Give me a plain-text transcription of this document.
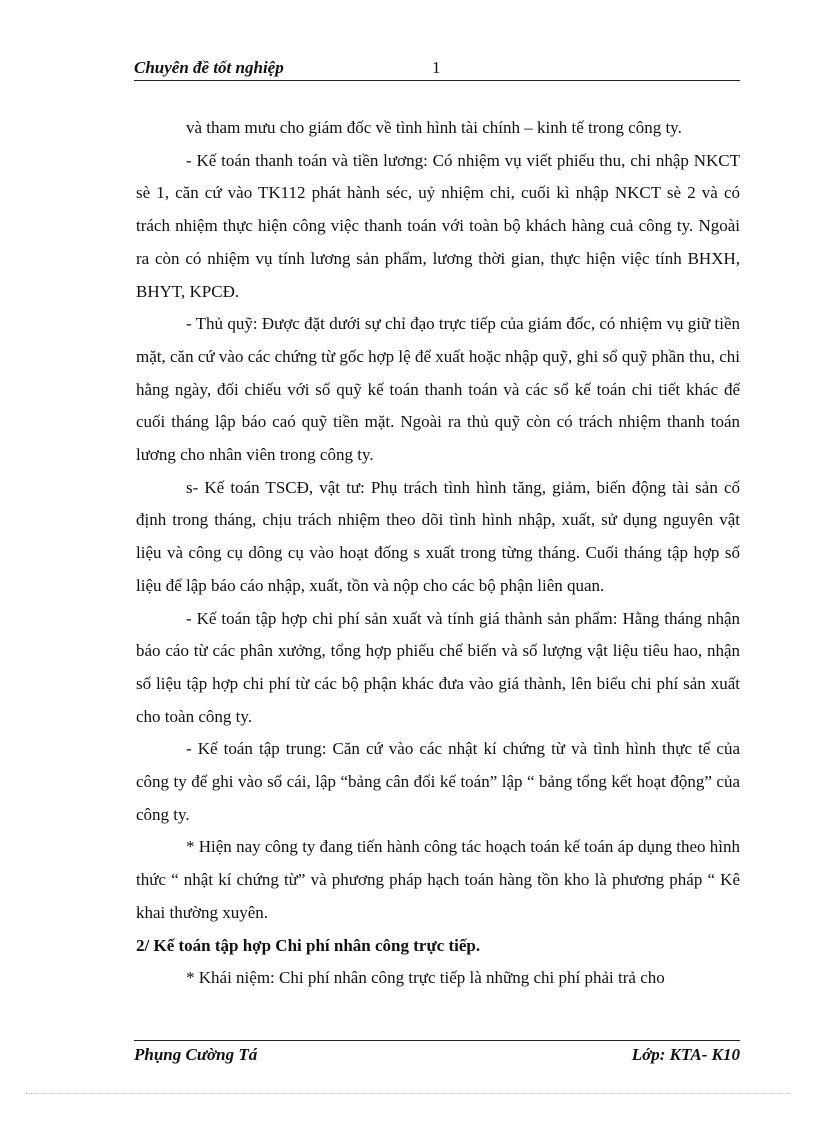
Chuyên đề tốt nghiệp	1

và tham mưu cho giám đốc về tình hình tài chính – kinh tế trong công ty.

- Kế toán thanh toán và tiền lương: Có nhiệm vụ viết phiếu thu, chi nhập NKCT sè 1, căn cứ vào TK112 phát hành séc, uỷ nhiệm chi, cuối kì nhập NKCT sè 2 và có trách nhiệm thực hiện công việc thanh toán với toàn bộ khách hàng cuả công ty. Ngoài ra còn có nhiệm vụ tính lương sản phẩm, lương thời gian, thực hiện việc tính BHXH, BHYT, KPCĐ.

- Thủ quỹ: Được đặt dưới sự chỉ đạo trực tiếp của giám đốc, có nhiệm vụ giữ tiền mặt, căn cứ vào các chứng từ gốc hợp lệ để xuất hoặc nhập quỹ, ghi sổ quỹ phần thu, chi hằng ngày, đối chiếu với sổ quỹ kế toán thanh toán và các sổ kế toán chi tiết khác để cuối tháng lập báo caó quỹ tiền mặt. Ngoài ra thủ quỹ còn có trách nhiệm thanh toán lương cho nhân viên trong công ty.

s- Kế toán TSCĐ, vật tư: Phụ trách tình hình tăng, giảm, biến động tài sản cố định trong tháng, chịu trách nhiệm theo dõi tình hình nhập, xuất, sử dụng nguyên vật liệu và công cụ dông cụ vào hoạt đống s xuất trong từng tháng. Cuối tháng tập hợp số liệu để lập báo cáo nhập, xuất, tồn và nộp cho các bộ phận liên quan.

- Kế toán tập hợp chi phí sản xuất và tính giá thành sản phẩm: Hằng tháng nhận báo cáo từ các phân xưởng, tổng hợp phiếu chế biến và số lượng vật liệu tiêu hao, nhận số liệu tập hợp chi phí từ các bộ phận khác đưa vào giá thành, lên biểu chi phí sản xuất cho toàn công ty.

- Kế toán tập trung: Căn cứ vào các nhật kí chứng từ và tình hình thực tế của công ty để ghi vào sổ cái, lập “bảng cân đối kế toán” lập “ bảng tổng kết hoạt động” của công ty.

* Hiện nay công ty đang tiến hành công tác hoạch toán kế toán áp dụng theo hình thức “ nhật kí chứng từ” và phương pháp hạch toán hàng tồn kho là phương pháp “ Kê khai thường xuyên.

2/ Kế toán tập hợp Chi phí nhân công trực tiếp.

* Khái niệm: Chi phí nhân công trực tiếp là những chi phí phải trả cho

Phụng Cường Tá	Lớp: KTA- K10
